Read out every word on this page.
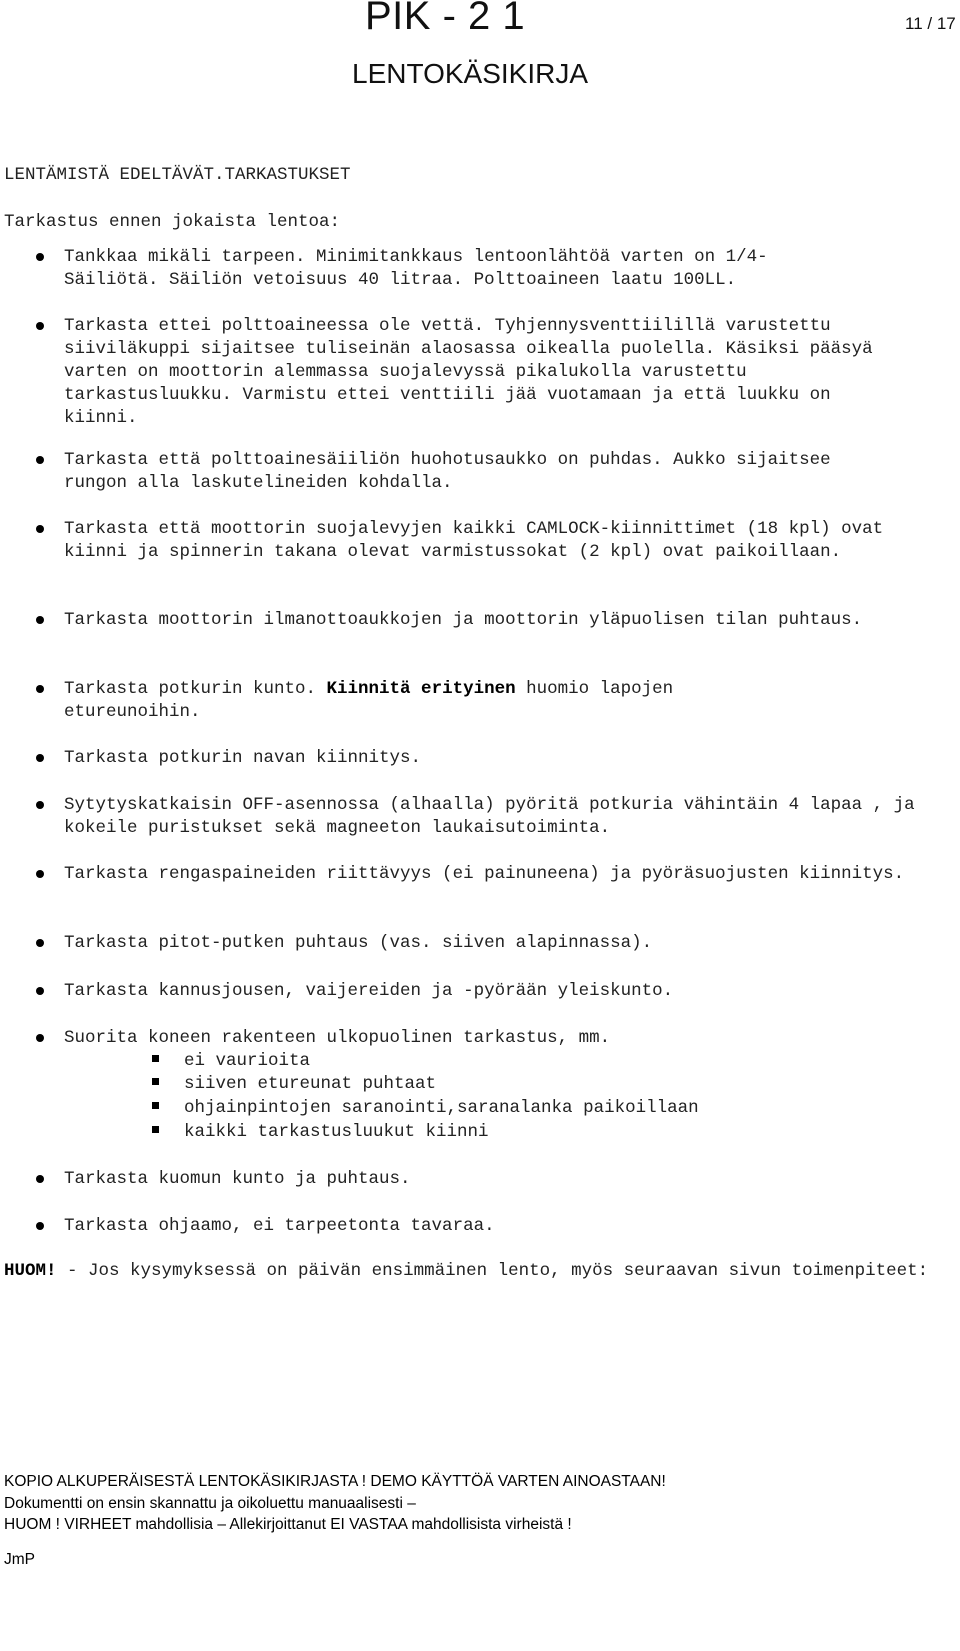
PIK - 2 1	11 / 17
LENTOKÄSIKIRJA
LENTÄMISTÄ EDELTÄVÄT.TARKASTUKSET
Tarkastus ennen jokaista lentoa:
Tankkaa mikäli tarpeen. Minimitankkaus lentoonlähtöä varten on 1/4-Säiliötä. Säiliön vetoisuus 40 litraa. Polttoaineen laatu 100LL.
Tarkasta ettei polttoaineessa ole vettä. Tyhjennysventtiilillä varustettu siiviläkuppi sijaitsee tuliseinän alaosassa oikealla puolella. Käsiksi pääsyä varten on moottorin alemmassa suojalevyssä pikalukolla varustettu tarkastusluukku. Varmistu ettei venttiili jää vuotamaan ja että luukku on kiinni.
Tarkasta että polttoainesäiiliön huohotusaukko on puhdas. Aukko sijaitsee rungon alla laskutelineiden kohdalla.
Tarkasta että moottorin suojalevyjen kaikki CAMLOCK-kiinnittimet (18 kpl) ovat kiinni ja spinnerin takana olevat varmistussokat (2 kpl) ovat paikoillaan.
Tarkasta moottorin ilmanottoaukkojen ja moottorin yläpuolisen tilan puhtaus.
Tarkasta potkurin kunto. Kiinnitä erityinen huomio lapojen etureunoihin.
Tarkasta potkurin navan kiinnitys.
Sytytyskatkaisin OFF-asennossa (alhaalla) pyöritä potkuria vähintäin 4 lapaa , ja kokeile puristukset sekä magneeton laukaisutoiminta.
Tarkasta rengaspaineiden riittävyys (ei painuneena) ja pyöräsuojusten kiinnitys.
Tarkasta pitot-putken puhtaus (vas. siiven alapinnassa).
Tarkasta kannusjousen, vaijereiden ja -pyörään yleiskunto.
Suorita koneen rakenteen ulkopuolinen tarkastus, mm.
ei vaurioita
siiven etureunat puhtaat
ohjainpintojen saranointi,saranalanka paikoillaan
kaikki tarkastusluukut kiinni
Tarkasta kuomun kunto ja puhtaus.
Tarkasta ohjaamo, ei tarpeetonta tavaraa.
HUOM! - Jos kysymyksessä on päivän ensimmäinen lento, myös seuraavan sivun toimenpiteet:
KOPIO ALKUPERÄISESTÄ LENTOKÄSIKIRJASTA ! DEMO KÄYTTÖÄ VARTEN AINOASTAAN!
Dokumentti on ensin skannattu ja oikoluettu manuaalisesti –
HUOM ! VIRHEET mahdollisia – Allekirjoittanut EI VASTAA mahdollisista virheistä !
JmP
